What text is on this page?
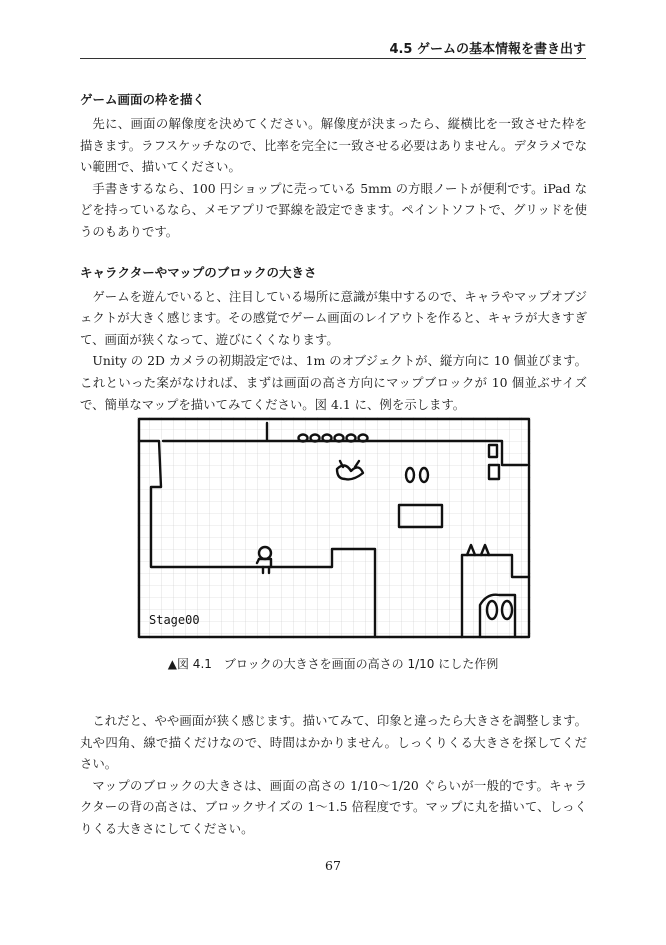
4.5 ゲームの基本情報を書き出す
ゲーム画面の枠を描く

先に、画面の解像度を決めてください。解像度が決まったら、縦横比を一致させた枠を描きます。ラフスケッチなので、比率を完全に一致させる必要はありません。デタラメでない範囲で、描いてください。

手書きするなら、100 円ショップに売っている 5mm の方眼ノートが便利です。iPad などを持っているなら、メモアプリで罫線を設定できます。ペイントソフトで、グリッドを使うのもありです。

キャラクターやマップのブロックの大きさ

ゲームを遊んでいると、注目している場所に意識が集中するので、キャラやマップオブジェクトが大きく感じます。その感覚でゲーム画面のレイアウトを作ると、キャラが大きすぎて、画面が狭くなって、遊びにくくなります。

Unity の 2D カメラの初期設定では、1m のオブジェクトが、縦方向に 10 個並びます。これといった案がなければ、まずは画面の高さ方向にマップブロックが 10 個並ぶサイズで、簡単なマップを描いてみてください。図 4.1 に、例を示します。

Stage00
▲図 4.1　ブロックの大きさを画面の高さの 1/10 にした作例

これだと、やや画面が狭く感じます。描いてみて、印象と違ったら大きさを調整します。丸や四角、線で描くだけなので、時間はかかりません。しっくりくる大きさを探してください。

マップのブロックの大きさは、画面の高さの 1/10〜1/20 ぐらいが一般的です。キャラクターの背の高さは、ブロックサイズの 1〜1.5 倍程度です。マップに丸を描いて、しっくりくる大きさにしてください。

67
